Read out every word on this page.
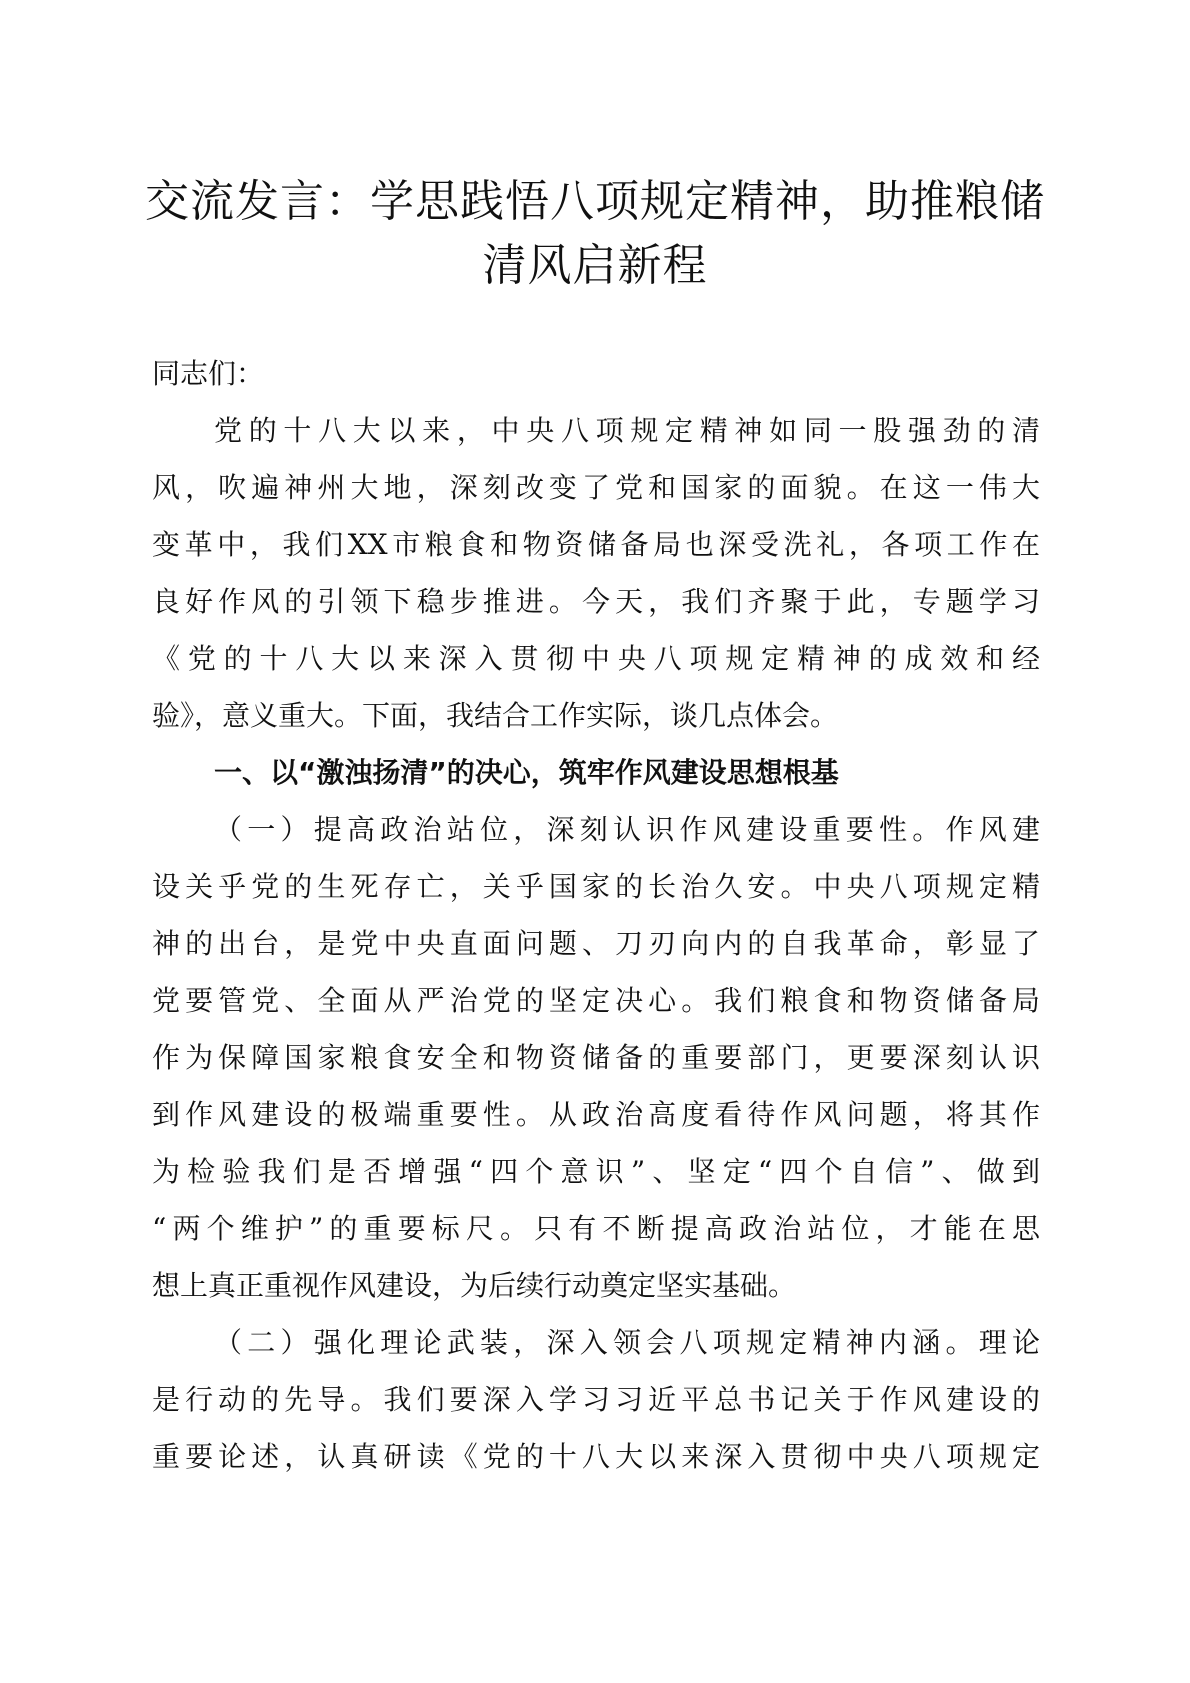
交流发言：学思践悟八项规定精神，助推粮储
清风启新程
同志们：
党的十八大以来，中央八项规定精神如同一股强劲的清
风，吹遍神州大地，深刻改变了党和国家的面貌。在这一伟大
变革中，我们XX市粮食和物资储备局也深受洗礼，各项工作在
良好作风的引领下稳步推进。今天，我们齐聚于此，专题学习
《党的十八大以来深入贯彻中央八项规定精神的成效和经
验》，意义重大。下面，我结合工作实际，谈几点体会。
一、以“激浊扬清”的决心，筑牢作风建设思想根基
（一）提高政治站位，深刻认识作风建设重要性。作风建
设关乎党的生死存亡，关乎国家的长治久安。中央八项规定精
神的出台，是党中央直面问题、刀刃向内的自我革命，彰显了
党要管党、全面从严治党的坚定决心。我们粮食和物资储备局
作为保障国家粮食安全和物资储备的重要部门，更要深刻认识
到作风建设的极端重要性。从政治高度看待作风问题，将其作
为检验我们是否增强“四个意识”、坚定“四个自信”、做到
“两个维护”的重要标尺。只有不断提高政治站位，才能在思
想上真正重视作风建设，为后续行动奠定坚实基础。
（二）强化理论武装，深入领会八项规定精神内涵。理论
是行动的先导。我们要深入学习习近平总书记关于作风建设的
重要论述，认真研读《党的十八大以来深入贯彻中央八项规定
